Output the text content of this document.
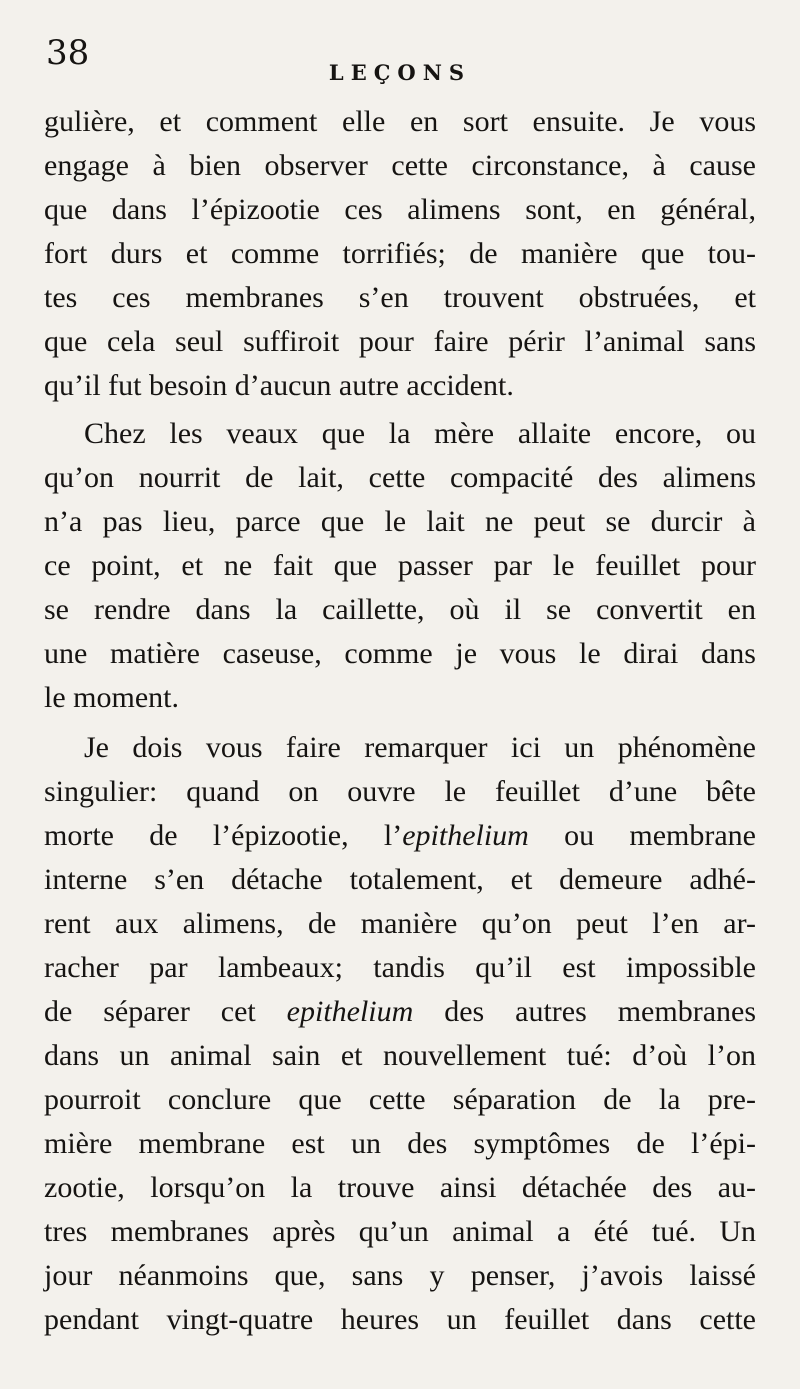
38	LEÇONS
gulière, et comment elle en sort ensuite. Je vous
engage à bien observer cette circonstance, à cause
que dans l’épizootie ces alimens sont, en général,
fort durs et comme torrifiés; de manière que tou-
tes ces membranes s’en trouvent obstruées, et
que cela seul suffiroit pour faire périr l’animal sans
qu’il fut besoin d’aucun autre accident.
Chez les veaux que la mère allaite encore, ou
qu’on nourrit de lait, cette compacité des alimens
n’a pas lieu, parce que le lait ne peut se durcir à
ce point, et ne fait que passer par le feuillet pour
se rendre dans la caillette, où il se convertit en
une matière caseuse, comme je vous le dirai dans
le moment.
Je dois vous faire remarquer ici un phénomène
singulier: quand on ouvre le feuillet d’une bête
morte de l’épizootie, l’epithelium ou membrane
interne s’en détache totalement, et demeure adhé-
rent aux alimens, de manière qu’on peut l’en ar-
racher par lambeaux; tandis qu’il est impossible
de séparer cet epithelium des autres membranes
dans un animal sain et nouvellement tué: d’où l’on
pourroit conclure que cette séparation de la pre-
mière membrane est un des symptômes de l’épi-
zootie, lorsqu’on la trouve ainsi détachée des au-
tres membranes après qu’un animal a été tué. Un
jour néanmoins que, sans y penser, j’avois laissé
pendant vingt-quatre heures un feuillet dans cette
